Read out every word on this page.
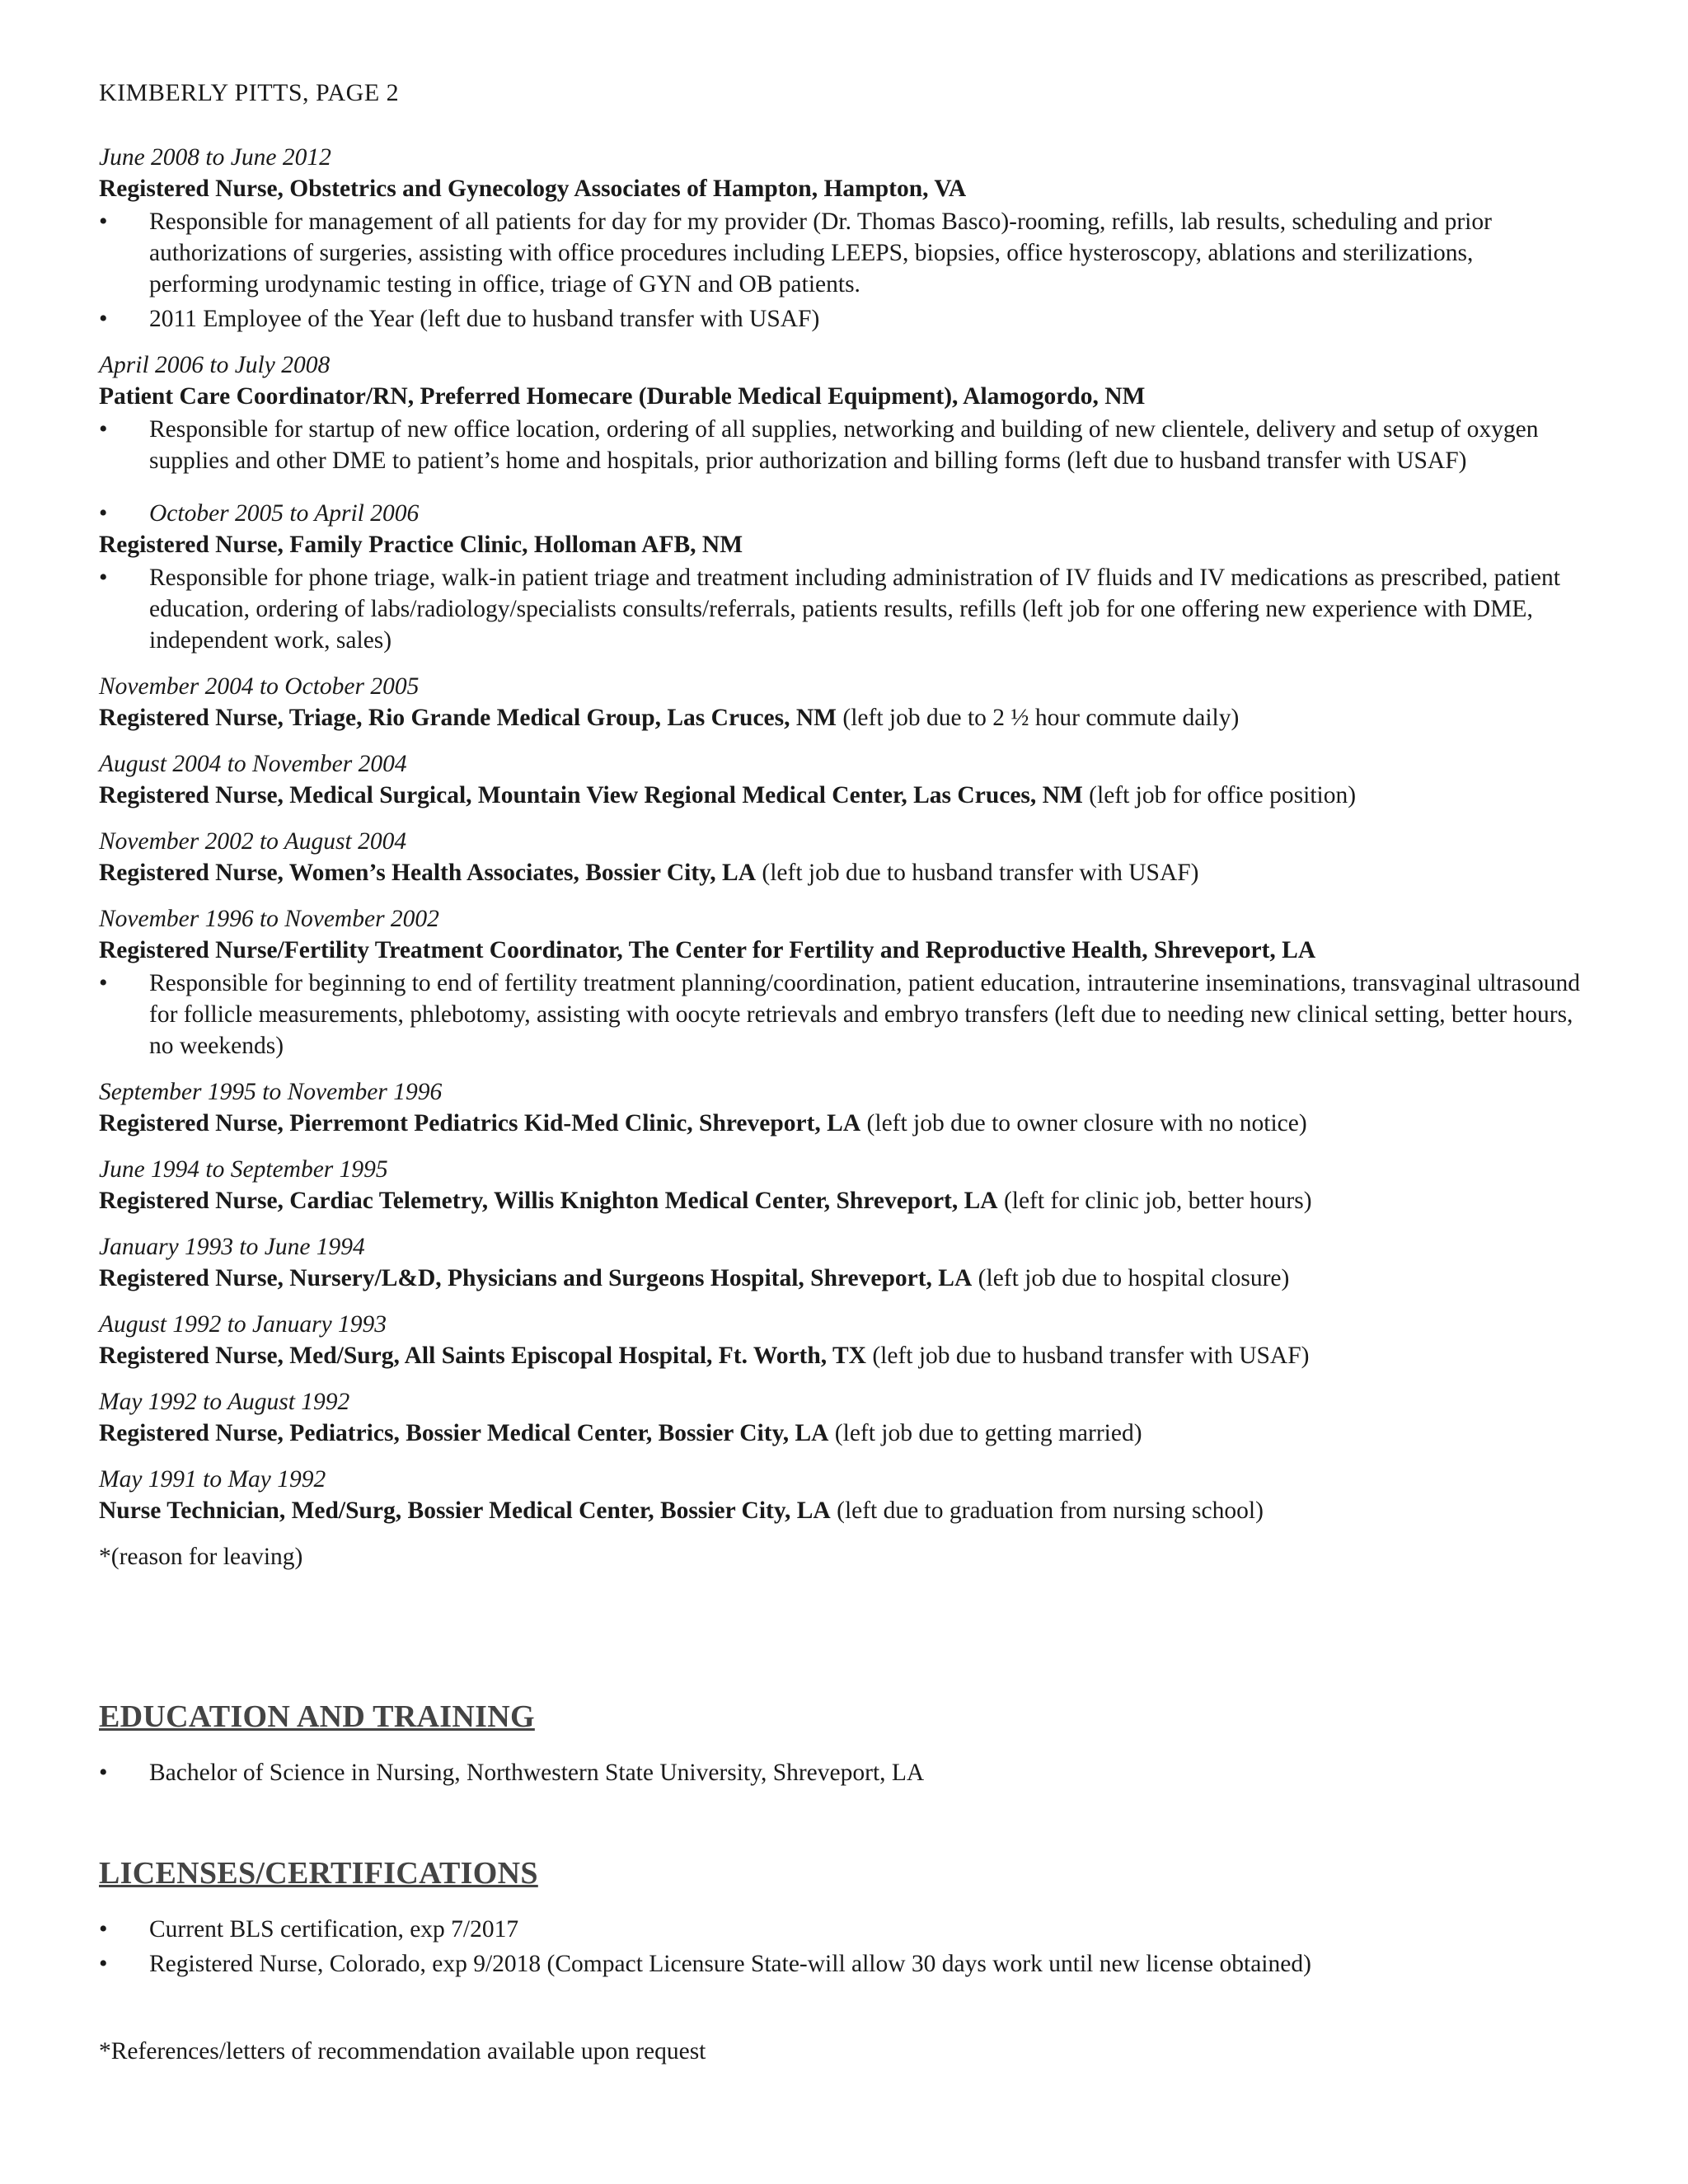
KIMBERLY PITTS, PAGE 2
June 2008 to June 2012
Registered Nurse, Obstetrics and Gynecology Associates of Hampton, Hampton, VA
• Responsible for management of all patients for day for my provider (Dr. Thomas Basco)-rooming, refills, lab results, scheduling and prior authorizations of surgeries, assisting with office procedures including LEEPS, biopsies, office hysteroscopy, ablations and sterilizations, performing urodynamic testing in office, triage of GYN and OB patients.
• 2011 Employee of the Year (left due to husband transfer with USAF)
April 2006 to July 2008
Patient Care Coordinator/RN, Preferred Homecare (Durable Medical Equipment), Alamogordo, NM
• Responsible for startup of new office location, ordering of all supplies, networking and building of new clientele, delivery and setup of oxygen supplies and other DME to patient’s home and hospitals, prior authorization and billing forms (left due to husband transfer with USAF)
• October 2005 to April 2006
Registered Nurse, Family Practice Clinic, Holloman AFB, NM
• Responsible for phone triage, walk-in patient triage and treatment including administration of IV fluids and IV medications as prescribed, patient education, ordering of labs/radiology/specialists consults/referrals, patients results, refills (left job for one offering new experience with DME, independent work, sales)
November 2004 to October 2005
Registered Nurse, Triage, Rio Grande Medical Group, Las Cruces, NM (left job due to 2 ½ hour commute daily)
August 2004 to November 2004
Registered Nurse, Medical Surgical, Mountain View Regional Medical Center, Las Cruces, NM (left job for office position)
November 2002 to August 2004
Registered Nurse, Women’s Health Associates, Bossier City, LA (left job due to husband transfer with USAF)
November 1996 to November 2002
Registered Nurse/Fertility Treatment Coordinator, The Center for Fertility and Reproductive Health, Shreveport, LA
• Responsible for beginning to end of fertility treatment planning/coordination, patient education, intrauterine inseminations, transvaginal ultrasound for follicle measurements, phlebotomy, assisting with oocyte retrievals and embryo transfers (left due to needing new clinical setting, better hours, no weekends)
September 1995 to November 1996
Registered Nurse, Pierremont Pediatrics Kid-Med Clinic, Shreveport, LA (left job due to owner closure with no notice)
June 1994 to September 1995
Registered Nurse, Cardiac Telemetry, Willis Knighton Medical Center, Shreveport, LA (left for clinic job, better hours)
January 1993 to June 1994
Registered Nurse, Nursery/L&D, Physicians and Surgeons Hospital, Shreveport, LA (left job due to hospital closure)
August 1992 to January 1993
Registered Nurse, Med/Surg, All Saints Episcopal Hospital, Ft. Worth, TX (left job due to husband transfer with USAF)
May 1992 to August 1992
Registered Nurse, Pediatrics, Bossier Medical Center, Bossier City, LA (left job due to getting married)
May 1991 to May 1992
Nurse Technician, Med/Surg, Bossier Medical Center, Bossier City, LA (left due to graduation from nursing school)
*(reason for leaving)
EDUCATION AND TRAINING
• Bachelor of Science in Nursing, Northwestern State University, Shreveport, LA
LICENSES/CERTIFICATIONS
• Current BLS certification, exp 7/2017
• Registered Nurse, Colorado, exp 9/2018 (Compact Licensure State-will allow 30 days work until new license obtained)
*References/letters of recommendation available upon request
